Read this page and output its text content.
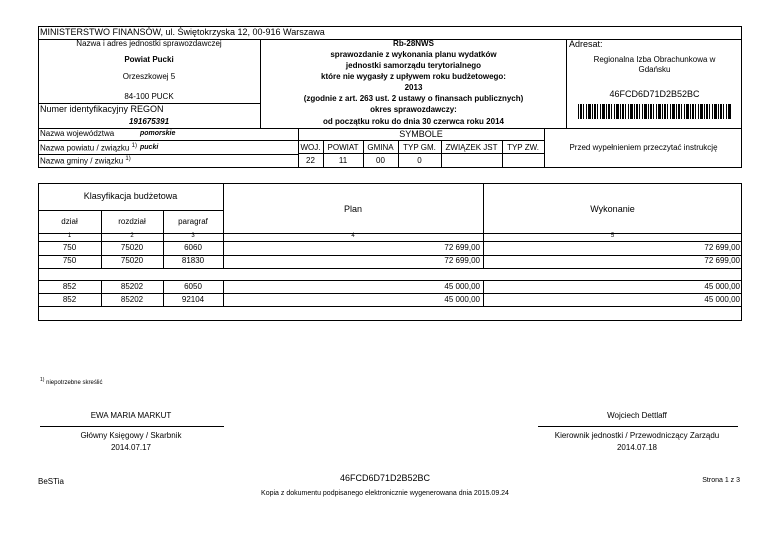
MINISTERSTWO FINANSÓW, ul. Świętokrzyska 12, 00-916 Warszawa
Nazwa i adres jednostki sprawozdawczej
Powiat Pucki
Orzeszkowej 5
84-100 PUCK
Numer identyfikacyjny REGON
191675391
Rb-28NWS
sprawozdanie z wykonania planu wydatków
jednostki samorządu terytorialnego
które nie wygasły z upływem roku budżetowego:
2013
(zgodnie z art. 263 ust. 2 ustawy o finansach publicznych)
okres sprawozdawczy:
od początku roku do dnia 30 czerwca roku 2014
Adresat:
Regionalna Izba Obrachunkowa w
Gdańsku
46FCD6D71D2B52BC
Nazwa województwa	pomorskie
Nazwa powiatu / związku $^{1)}$ pucki
Nazwa gminy / związku $^{1)}$
SYMBOLE
WOJ. POWIAT	GMINA	TYP GM.	ZWIĄZEK JST	TYP ZW.
22	11	00	0
Przed wypełnieniem przeczytać instrukcję
Klasyfikacja budżetowa
dział	rozdział	paragraf
Plan	Wykonanie
1	2	3	4	5
750	75020	6060	72 699,00	72 699,00
750	75020	81830	72 699,00	72 699,00
852	85202	6050	45 000,00	45 000,00
852	85202	92104	45 000,00	45 000,00
$^{1)}$ niepotrzebne skreślić
EWA MARIA MARKUT
Główny Księgowy / Skarbnik
2014.07.17
Wojciech Dettlaff
Kierownik jednostki / Przewodniczący Zarządu
2014.07.18
BeSTia	46FCD6D71D2B52BC	Strona 1 z 3
Kopia z dokumentu podpisanego elektronicznie wygenerowana dnia 2015.09.24
